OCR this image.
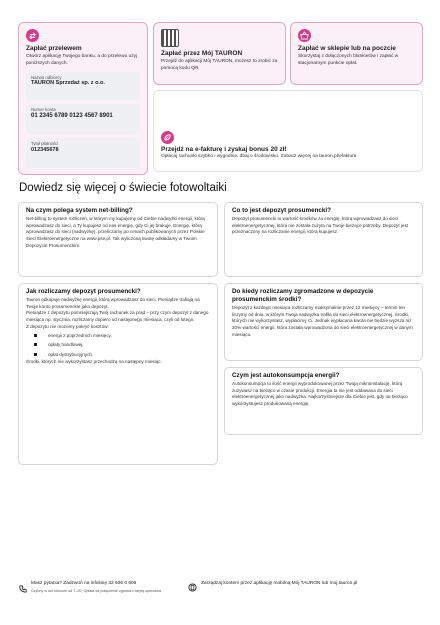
Zapłać przelewem
Otwórz aplikację Twojego banku, a do przelewu użyj poniższych danych.
Nazwa odbiorcy
TAURON Sprzedaż sp. z o.o.
Numer konta
01 2345 6789 0123 4567 8901
Tytuł płatności
012345678
Zapłać przez Mój TAURON
Przejdź do aplikacji Mój TAURON, możesz to zrobić za pomocą kodu QR.
Zapłać w sklepie lub na poczcie
Skorzystaj z dołączonych blankietów i zapłać w stacjonarnym punkcie opłat.
Przejdź na e-fakturę i zyskaj bonus 20 zł!
Opłacaj rachunki szybko i wygodnie, dbaj o środowisko. Zobacz więcej na tauron.pl/efaktura
Dowiedz się więcej o świecie fotowoltaiki
Na czym polega system net-billing?
Net-billing to system rozliczeń, w którym my kupujemy od Ciebie nadwyżki energii, którą wprowadzasz do sieci, a Ty kupujesz od nas energię, gdy Ci jej brakuje. Energię, którą wprowadzasz do sieci (nadwyżkę), przeliczamy po cenach publikowanych przez Polskie Sieci Elektroenergetyczne na www.pse.pl. Tak wyliczoną kwotę odkładamy w Twoim Depozycie Prosumenckim.
Co to jest depozyt prosumencki?
Depozyt prosumencki to wartość środków za energię, którą wprowadzasz do sieci elektroenergetycznej, która nie została zużyta na Twoje bieżące potrzeby. Depozyt jest przeznaczony na rozliczanie energii, którą kupujesz.
Jak rozliczamy depozyt prosumencki?
Tauron odkupuje nadwyżkę energii, którą wprowadzasz do sieci. Pieniądze trafiają na Twoje konto prosumenckie jako depozyt.
Pieniądze z depozytu pomniejszają Twój rachunek za prąd – przy czym depozyt z danego miesiąca np. stycznia, rozliczamy dopiero od następnego miesiąca, czyli od lutego.
Z depozytu nie możemy pokryć kosztów:
energii z poprzednich miesięcy,
opłaty handlowej,
opłat dystrybucyjnych.
Środki, których nie wykorzystasz przechodzą na następny miesiąc.
Do kiedy rozliczamy zgromadzone w depozycie prosumenckim środki?
Depozyt z każdego miesiąca rozliczamy maksymalnie przez 12 miesięcy – termin ten liczymy od dnia, w którym Twoja nadwyżka trafiła do sieci elektroenergetycznej. Środki, których nie wykorzystasz, wypłacimy Ci. Jednak wypłacana kwota nie będzie wyższa niż 20% wartości energii, która została wprowadzona do sieci elektroenergetycznej w danym miesiącu.
Czym jest autokonsumpcja energii?
Autokonsumpcja to ilość energii wyprodukowanej przez Twoją mikroinstalację, którą zużywasz na bieżąco w czasie produkcji. Energia ta nie jest oddawana do sieci elektroenergetycznej jako nadwyżka. Najkorzystniejsze dla Ciebie jest, gdy na bieżąco wykorzystujesz produkowaną energię.
Masz pytania? Zadzwoń na infolinię 32 606 0 606
Czynny w dni robocze od 7–20. Opłata za połączenie zgodna z taryfą operatora.
Zarządzaj kontem przez aplikację mobilną Mój TAURON lub moj.tauron.pl
